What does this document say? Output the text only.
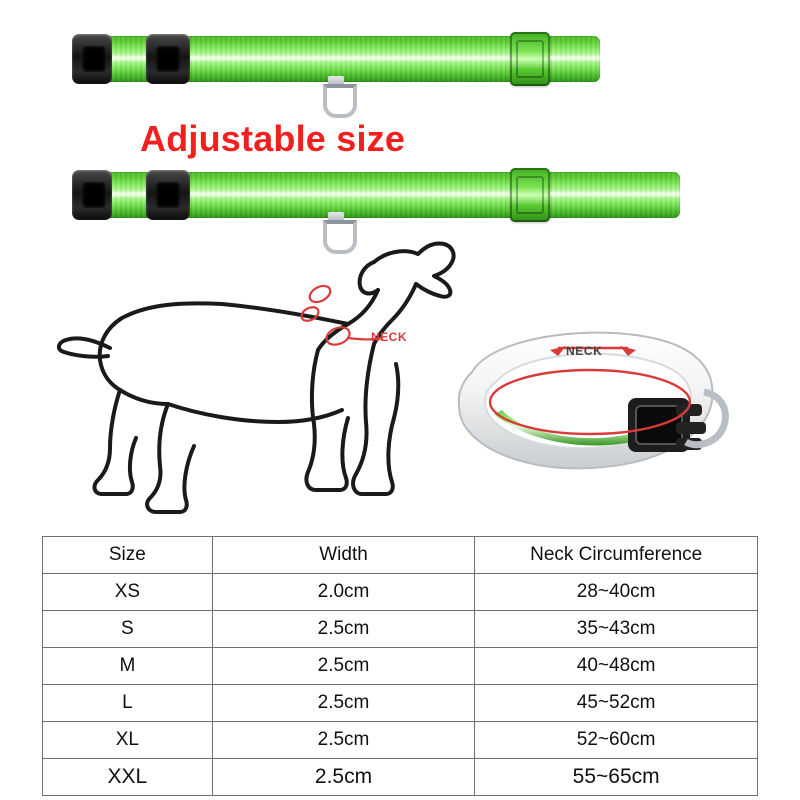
Adjustable size
NECK
NECK
Size	Width	Neck Circumference
XS	2.0cm	28~40cm
S	2.5cm	35~43cm
M	2.5cm	40~48cm
L	2.5cm	45~52cm
XL	2.5cm	52~60cm
XXL	2.5cm	55~65cm
